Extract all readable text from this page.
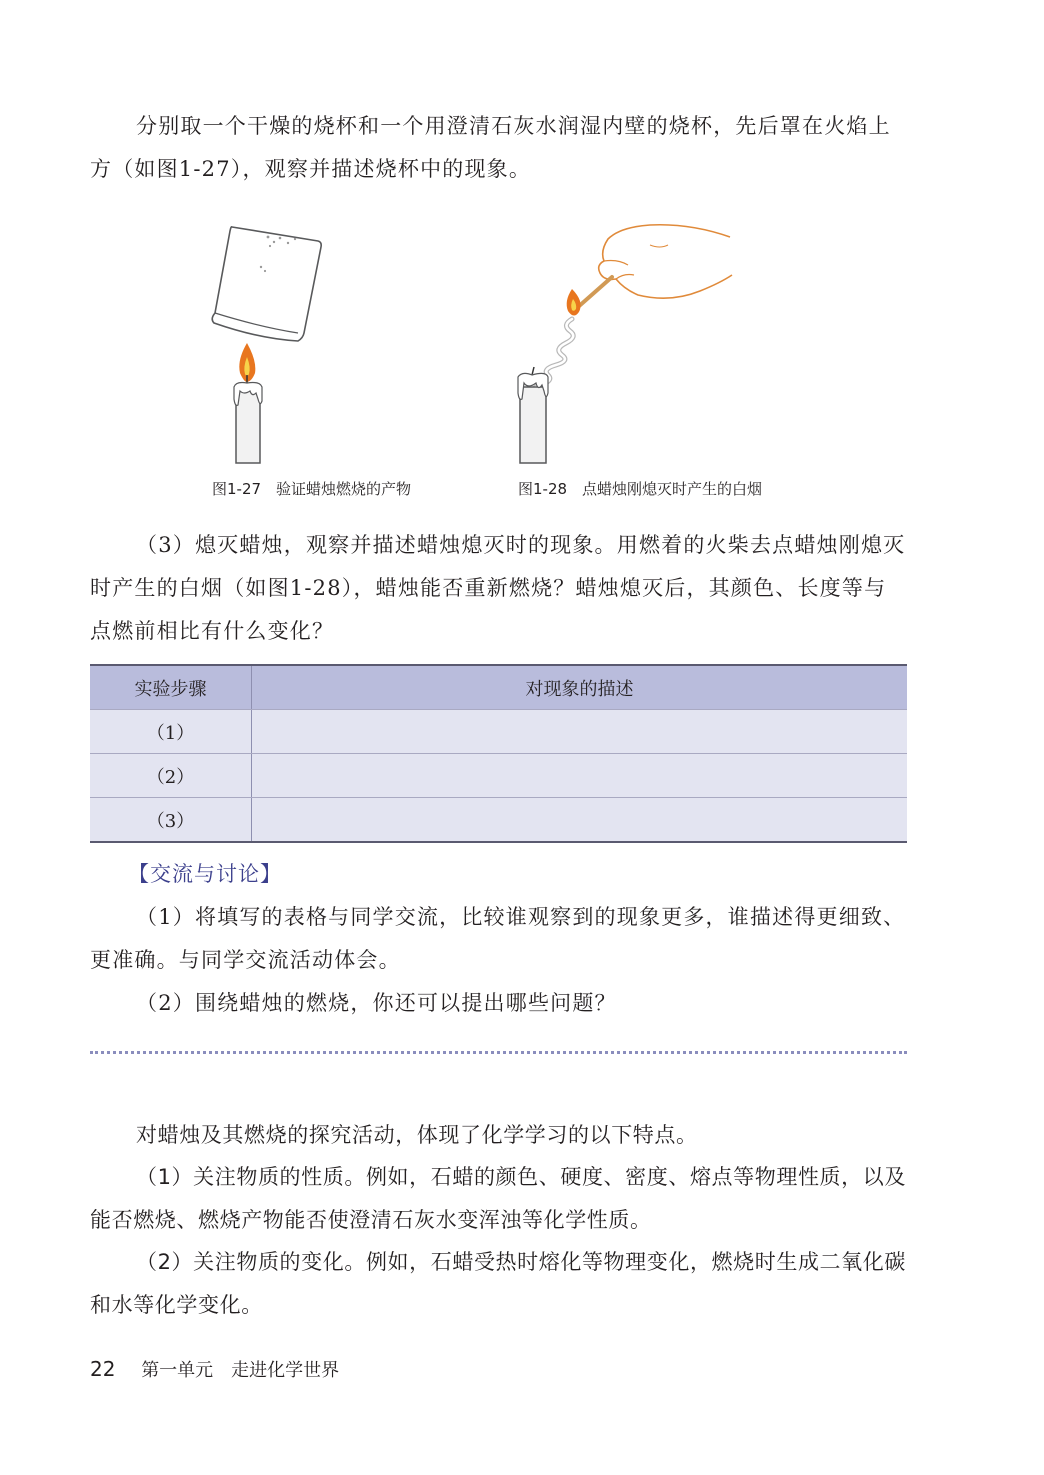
分别取一个干燥的烧杯和一个用澄清石灰水润湿内壁的烧杯，先后罩在火焰上方（如图1-27），观察并描述烧杯中的现象。

图1-27　验证蜡烛燃烧的产物	图1-28　点蜡烛刚熄灭时产生的白烟

（3）熄灭蜡烛，观察并描述蜡烛熄灭时的现象。用燃着的火柴去点蜡烛刚熄灭时产生的白烟（如图1-28），蜡烛能否重新燃烧？蜡烛熄灭后，其颜色、长度等与点燃前相比有什么变化？

实验步骤	对现象的描述
（1）	
（2）	
（3）	
【交流与讨论】

（1）将填写的表格与同学交流，比较谁观察到的现象更多，谁描述得更细致、更准确。与同学交流活动体会。

（2）围绕蜡烛的燃烧，你还可以提出哪些问题？

对蜡烛及其燃烧的探究活动，体现了化学学习的以下特点。

（1）关注物质的性质。例如，石蜡的颜色、硬度、密度、熔点等物理性质，以及能否燃烧、燃烧产物能否使澄清石灰水变浑浊等化学性质。

（2）关注物质的变化。例如，石蜡受热时熔化等物理变化，燃烧时生成二氧化碳和水等化学变化。

22 第一单元　走进化学世界
